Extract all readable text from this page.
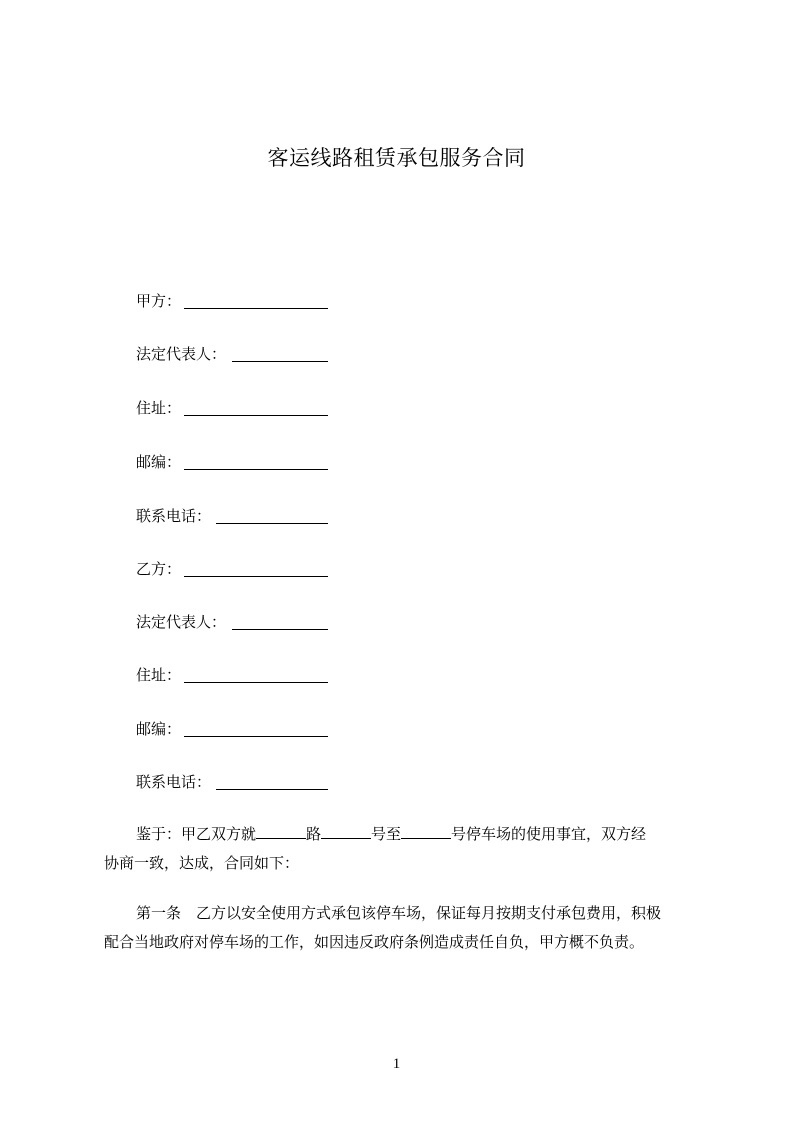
客运线路租赁承包服务合同
甲方：
法定代表人：
住址：
邮编：
联系电话：
乙方：
法定代表人：
住址：
邮编：
联系电话：

鉴于：甲乙双方就	路	号至	号停车场的使用事宜，双方经
协商一致，达成，合同如下：

第一条　乙方以安全使用方式承包该停车场，保证每月按期支付承包费用，积极
配合当地政府对停车场的工作，如因违反政府条例造成责任自负，甲方概不负责。

1
